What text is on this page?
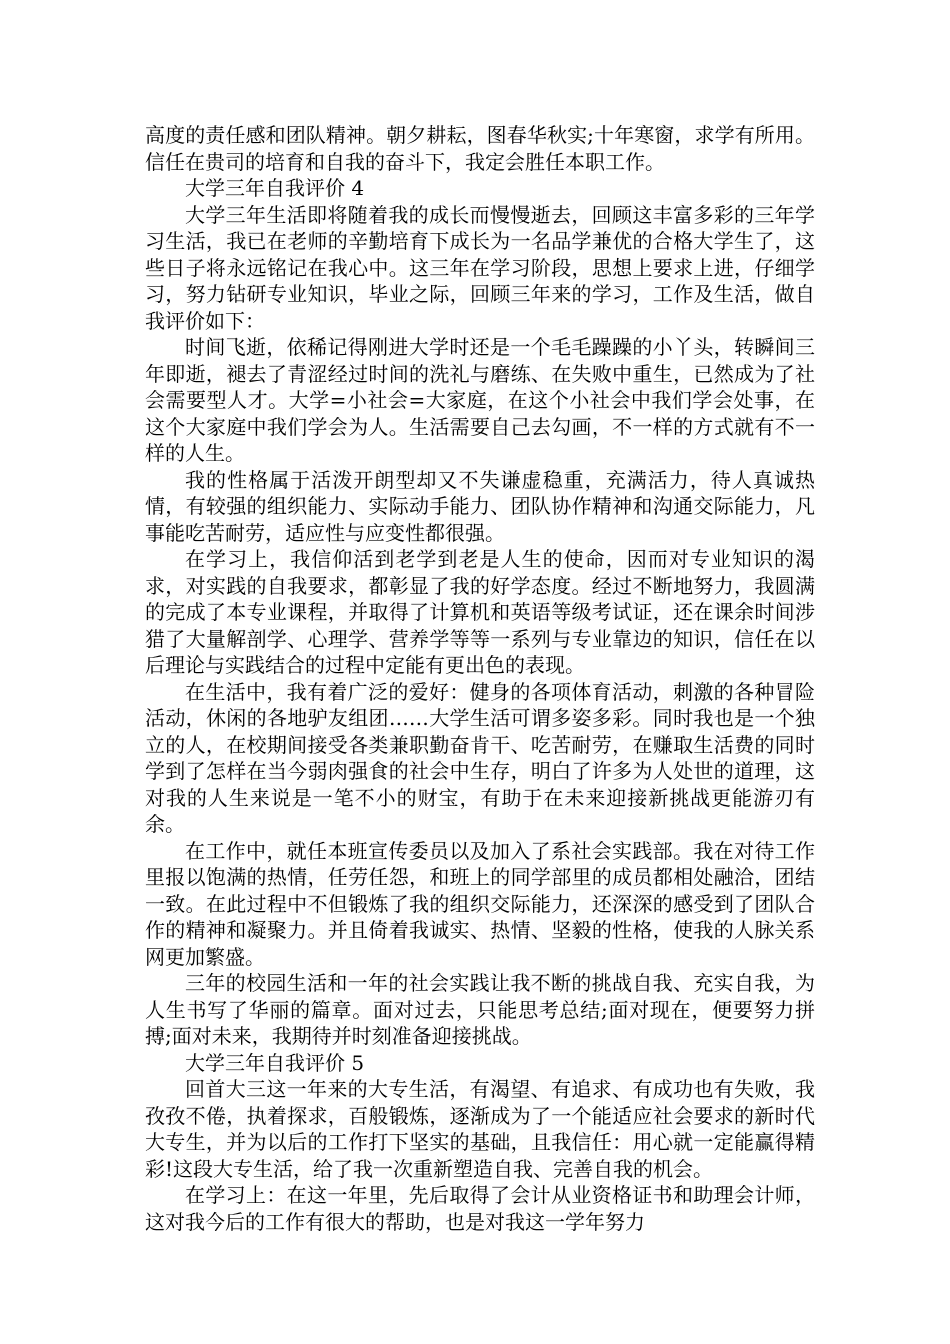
高度的责任感和团队精神。朝夕耕耘，图春华秋实;十年寒窗，求学有所用。信任在贵司的培育和自我的奋斗下，我定会胜任本职工作。

大学三年自我评价 4

大学三年生活即将随着我的成长而慢慢逝去，回顾这丰富多彩的三年学习生活，我已在老师的辛勤培育下成长为一名品学兼优的合格大学生了，这些日子将永远铭记在我心中。这三年在学习阶段，思想上要求上进，仔细学习，努力钻研专业知识，毕业之际，回顾三年来的学习，工作及生活，做自我评价如下：

时间飞逝，依稀记得刚进大学时还是一个毛毛躁躁的小丫头，转瞬间三年即逝，褪去了青涩经过时间的洗礼与磨练、在失败中重生，已然成为了社会需要型人才。大学=小社会=大家庭，在这个小社会中我们学会处事，在这个大家庭中我们学会为人。生活需要自己去勾画，不一样的方式就有不一样的人生。

我的性格属于活泼开朗型却又不失谦虚稳重，充满活力，待人真诚热情，有较强的组织能力、实际动手能力、团队协作精神和沟通交际能力，凡事能吃苦耐劳，适应性与应变性都很强。

在学习上，我信仰活到老学到老是人生的使命，因而对专业知识的渴求，对实践的自我要求，都彰显了我的好学态度。经过不断地努力，我圆满的完成了本专业课程，并取得了计算机和英语等级考试证，还在课余时间涉猎了大量解剖学、心理学、营养学等等一系列与专业靠边的知识，信任在以后理论与实践结合的过程中定能有更出色的表现。

在生活中，我有着广泛的爱好：健身的各项体育活动，刺激的各种冒险活动，休闲的各地驴友组团……大学生活可谓多姿多彩。同时我也是一个独立的人，在校期间接受各类兼职勤奋肯干、吃苦耐劳，在赚取生活费的同时学到了怎样在当今弱肉强食的社会中生存，明白了许多为人处世的道理，这对我的人生来说是一笔不小的财宝，有助于在未来迎接新挑战更能游刃有余。

在工作中，就任本班宣传委员以及加入了系社会实践部。我在对待工作里报以饱满的热情，任劳任怨，和班上的同学部里的成员都相处融洽，团结一致。在此过程中不但锻炼了我的组织交际能力，还深深的感受到了团队合作的精神和凝聚力。并且倚着我诚实、热情、坚毅的性格，使我的人脉关系网更加繁盛。

三年的校园生活和一年的社会实践让我不断的挑战自我、充实自我，为人生书写了华丽的篇章。面对过去，只能思考总结;面对现在，便要努力拼搏;面对未来，我期待并时刻准备迎接挑战。

大学三年自我评价 5

回首大三这一年来的大专生活，有渴望、有追求、有成功也有失败，我孜孜不倦，执着探求，百般锻炼，逐渐成为了一个能适应社会要求的新时代大专生，并为以后的工作打下坚实的基础，且我信任：用心就一定能赢得精彩!这段大专生活，给了我一次重新塑造自我、完善自我的机会。

在学习上：在这一年里，先后取得了会计从业资格证书和助理会计师，这对我今后的工作有很大的帮助，也是对我这一学年努力
